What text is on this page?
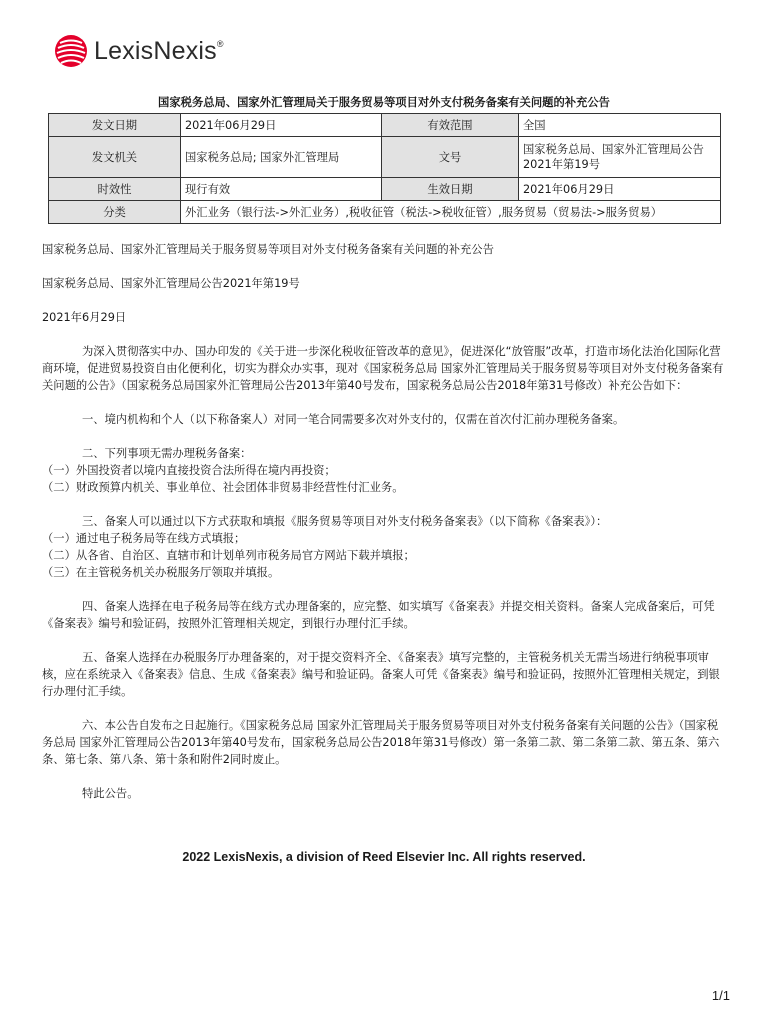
LexisNexis®
国家税务总局、国家外汇管理局关于服务贸易等项目对外支付税务备案有关问题的补充公告
发文日期	2021年06月29日	有效范围	全国
发文机关	国家税务总局; 国家外汇管理局	文号	国家税务总局、国家外汇管理局公告2021年第19号
时效性	现行有效	生效日期	2021年06月29日
分类	外汇业务（银行法->外汇业务）,税收征管（税法->税收征管）,服务贸易（贸易法->服务贸易）		

国家税务总局、国家外汇管理局关于服务贸易等项目对外支付税务备案有关问题的补充公告

国家税务总局、国家外汇管理局公告2021年第19号

2021年6月29日

为深入贯彻落实中办、国办印发的《关于进一步深化税收征管改革的意见》，促进深化“放管服”改革，打造市场化法治化国际化营商环境，促进贸易投资自由化便利化，切实为群众办实事，现对《国家税务总局 国家外汇管理局关于服务贸易等项目对外支付税务备案有关问题的公告》（国家税务总局国家外汇管理局公告2013年第40号发布，国家税务总局公告2018年第31号修改）补充公告如下：

一、境内机构和个人（以下称备案人）对同一笔合同需要多次对外支付的，仅需在首次付汇前办理税务备案。

二、下列事项无需办理税务备案：

（一）外国投资者以境内直接投资合法所得在境内再投资；

（二）财政预算内机关、事业单位、社会团体非贸易非经营性付汇业务。

三、备案人可以通过以下方式获取和填报《服务贸易等项目对外支付税务备案表》（以下简称《备案表》）：

（一）通过电子税务局等在线方式填报；

（二）从各省、自治区、直辖市和计划单列市税务局官方网站下载并填报；

（三）在主管税务机关办税服务厅领取并填报。

四、备案人选择在电子税务局等在线方式办理备案的，应完整、如实填写《备案表》并提交相关资料。备案人完成备案后，可凭《备案表》编号和验证码，按照外汇管理相关规定，到银行办理付汇手续。

五、备案人选择在办税服务厅办理备案的，对于提交资料齐全、《备案表》填写完整的，主管税务机关无需当场进行纳税事项审核，应在系统录入《备案表》信息、生成《备案表》编号和验证码。备案人可凭《备案表》编号和验证码，按照外汇管理相关规定，到银行办理付汇手续。

六、本公告自发布之日起施行。《国家税务总局 国家外汇管理局关于服务贸易等项目对外支付税务备案有关问题的公告》（国家税务总局 国家外汇管理局公告2013年第40号发布，国家税务总局公告2018年第31号修改）第一条第二款、第二条第二款、第五条、第六条、第七条、第八条、第十条和附件2同时废止。

特此公告。

2022 LexisNexis, a division of Reed Elsevier Inc. All rights reserved.
1/1
